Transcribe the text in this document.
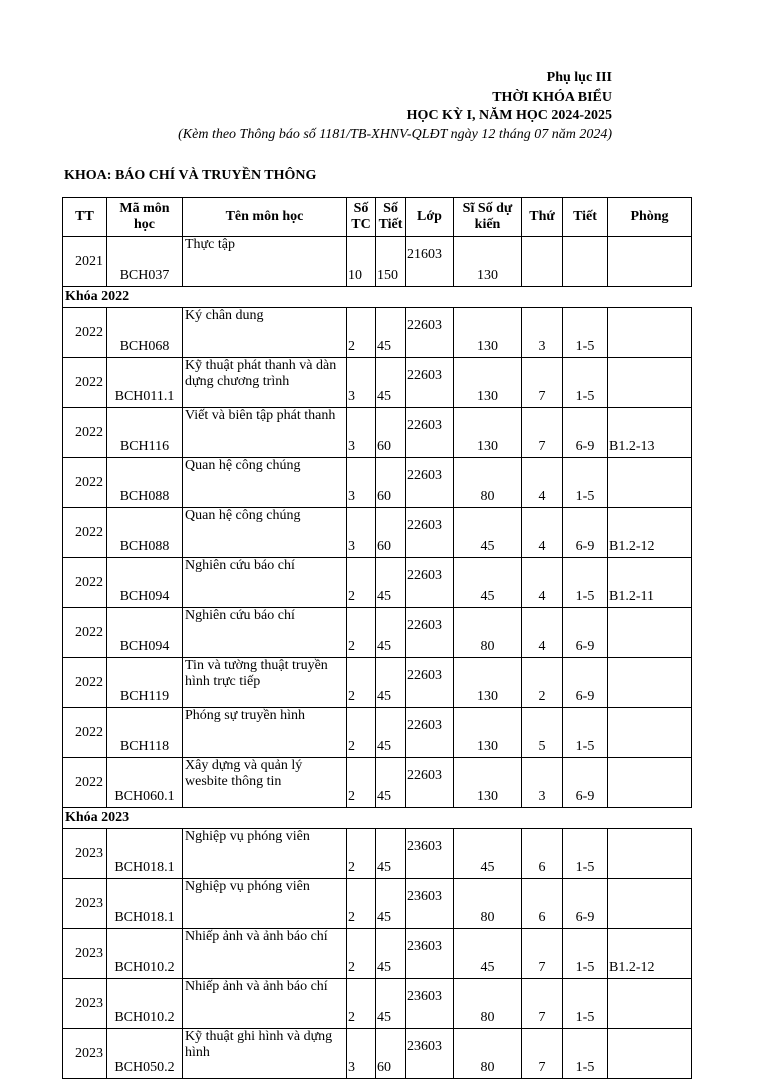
Phụ lục III
THỜI KHÓA BIỂU
HỌC KỲ I, NĂM HỌC 2024-2025
(Kèm theo Thông báo số 1181/TB-XHNV-QLĐT ngày 12 tháng 07 năm 2024)
KHOA: BÁO CHÍ VÀ TRUYỀN THÔNG
TT	Mã môn học	Tên môn học	Số TC	Số Tiết	Lớp	Sĩ Số dự kiến	Thứ	Tiết	Phòng
2021	BCH037	Thực tập	10	150	21603	130			
Khóa 2022									
2022	BCH068	Ký chân dung	2	45	22603	130	3	1-5	
2022	BCH011.1	Kỹ thuật phát thanh và dàn dựng chương trình	3	45	22603	130	7	1-5	
2022	BCH116	Viết và biên tập phát thanh	3	60	22603	130	7	6-9	B1.2-13
2022	BCH088	Quan hệ công chúng	3	60	22603	80	4	1-5	
2022	BCH088	Quan hệ công chúng	3	60	22603	45	4	6-9	B1.2-12
2022	BCH094	Nghiên cứu báo chí	2	45	22603	45	4	1-5	B1.2-11
2022	BCH094	Nghiên cứu báo chí	2	45	22603	80	4	6-9	
2022	BCH119	Tin và tường thuật truyền hình trực tiếp	2	45	22603	130	2	6-9	
2022	BCH118	Phóng sự truyền hình	2	45	22603	130	5	1-5	
2022	BCH060.1	Xây dựng và quản lý wesbite thông tin	2	45	22603	130	3	6-9	
Khóa 2023									
2023	BCH018.1	Nghiệp vụ phóng viên	2	45	23603	45	6	1-5	
2023	BCH018.1	Nghiệp vụ phóng viên	2	45	23603	80	6	6-9	
2023	BCH010.2	Nhiếp ảnh và ảnh báo chí	2	45	23603	45	7	1-5	B1.2-12
2023	BCH010.2	Nhiếp ảnh và ảnh báo chí	2	45	23603	80	7	1-5	
2023	BCH050.2	Kỹ thuật ghi hình và dựng hình	3	60	23603	80	7	1-5	
